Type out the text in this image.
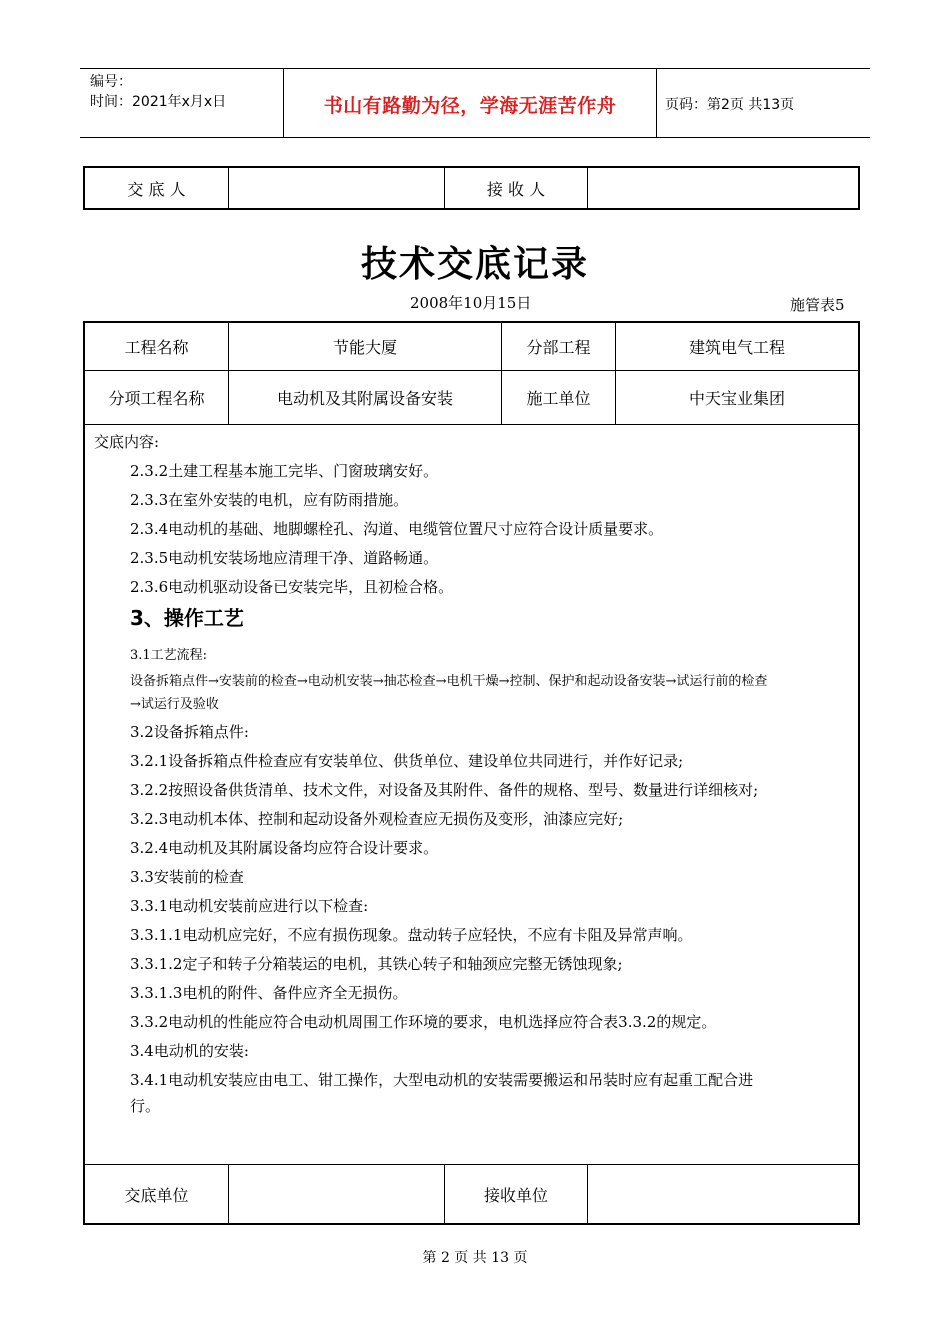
编号：
时间：2021年x月x日	书山有路勤为径，学海无涯苦作舟	页码：第2页 共13页
交 底 人	接 收 人
技术交底记录
2008年10月15日	施管表5
工程名称	节能大厦	分部工程	建筑电气工程
分项工程名称	电动机及其附属设备安装	施工单位	中天宝业集团
交底单位	接收单位
交底内容:
2.3.2土建工程基本施工完毕、门窗玻璃安好。
2.3.3在室外安装的电机，应有防雨措施。
2.3.4电动机的基础、地脚螺栓孔、沟道、电缆管位置尺寸应符合设计质量要求。
2.3.5电动机安装场地应清理干净、道路畅通。
2.3.6电动机驱动设备已安装完毕，且初检合格。
3、操作工艺
3.1工艺流程:
设备拆箱点件→安装前的检查→电动机安装→抽芯检查→电机干燥→控制、保护和起动设备安装→试运行前的检查
→试运行及验收
3.2设备拆箱点件:
3.2.1设备拆箱点件检查应有安装单位、供货单位、建设单位共同进行，并作好记录;
3.2.2按照设备供货清单、技术文件，对设备及其附件、备件的规格、型号、数量进行详细核对;
3.2.3电动机本体、控制和起动设备外观检查应无损伤及变形，油漆应完好;
3.2.4电动机及其附属设备均应符合设计要求。
3.3安装前的检查
3.3.1电动机安装前应进行以下检查:
3.3.1.1电动机应完好，不应有损伤现象。盘动转子应轻快，不应有卡阻及异常声响。
3.3.1.2定子和转子分箱装运的电机，其铁心转子和轴颈应完整无锈蚀现象;
3.3.1.3电机的附件、备件应齐全无损伤。
3.3.2电动机的性能应符合电动机周围工作环境的要求，电机选择应符合表3.3.2的规定。
3.4电动机的安装:
3.4.1电动机安装应由电工、钳工操作，大型电动机的安装需要搬运和吊装时应有起重工配合进
行。
第 2 页 共 13 页
